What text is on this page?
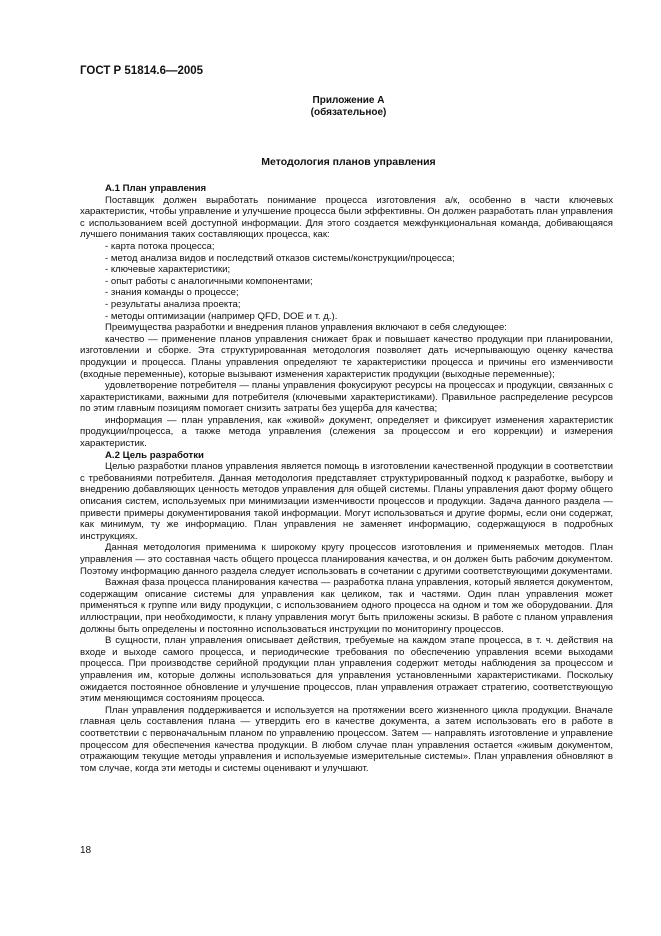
ГОСТ Р 51814.6—2005
Приложение А
(обязательное)
Методология планов управления
А.1 План управления

Поставщик должен выработать понимание процесса изготовления а/к, особенно в части ключевых характеристик, чтобы управление и улучшение процесса были эффективны. Он должен разработать план управления с использованием всей доступной информации. Для этого создается межфункциональная команда, добивающаяся лучшего понимания таких составляющих процесса, как:

- карта потока процесса;

- метод анализа видов и последствий отказов системы/конструкции/процесса;

- ключевые характеристики;

- опыт работы с аналогичными компонентами;

- знания команды о процессе;

- результаты анализа проекта;

- методы оптимизации (например QFD, DOE и т. д.).

Преимущества разработки и внедрения планов управления включают в себя следующее:

качество — применение планов управления снижает брак и повышает качество продукции при планировании, изготовлении и сборке. Эта структурированная методология позволяет дать исчерпывающую оценку качества продукции и процесса. Планы управления определяют те характеристики процесса и причины его изменчивости (входные переменные), которые вызывают изменения характеристик продукции (выходные переменные);

удовлетворение потребителя — планы управления фокусируют ресурсы на процессах и продукции, связанных с характеристиками, важными для потребителя (ключевыми характеристиками). Правильное распределение ресурсов по этим главным позициям помогает снизить затраты без ущерба для качества;

информация — план управления, как «живой» документ, определяет и фиксирует изменения характеристик продукции/процесса, а также метода управления (слежения за процессом и его коррекции) и измерения характеристик.

А.2 Цель разработки

Целью разработки планов управления является помощь в изготовлении качественной продукции в соответствии с требованиями потребителя. Данная методология представляет структурированный подход к разработке, выбору и внедрению добавляющих ценность методов управления для общей системы. Планы управления дают форму общего описания систем, используемых при минимизации изменчивости процессов и продукции. Задача данного раздела — привести примеры документирования такой информации. Могут использоваться и другие формы, если они содержат, как минимум, ту же информацию. План управления не заменяет информацию, содержащуюся в подробных инструкциях.

Данная методология применима к широкому кругу процессов изготовления и применяемых методов. План управления — это составная часть общего процесса планирования качества, и он должен быть рабочим документом. Поэтому информацию данного раздела следует использовать в сочетании с другими соответствующими документами.

Важная фаза процесса планирования качества — разработка плана управления, который является документом, содержащим описание системы для управления как целиком, так и частями. Один план управления может применяться к группе или виду продукции, с использованием одного процесса на одном и том же оборудовании. Для иллюстрации, при необходимости, к плану управления могут быть приложены эскизы. В работе с планом управления должны быть определены и постоянно использоваться инструкции по мониторингу процессов.

В сущности, план управления описывает действия, требуемые на каждом этапе процесса, в т. ч. действия на входе и выходе самого процесса, и периодические требования по обеспечению управления всеми выходами процесса. При производстве серийной продукции план управления содержит методы наблюдения за процессом и управления им, которые должны использоваться для управления установленными характеристиками. Поскольку ожидается постоянное обновление и улучшение процессов, план управления отражает стратегию, соответствующую этим меняющимся состояниям процесса.

План управления поддерживается и используется на протяжении всего жизненного цикла продукции. Вначале главная цель составления плана — утвердить его в качестве документа, а затем использовать его в работе в соответствии с первоначальным планом по управлению процессом. Затем — направлять изготовление и управление процессом для обеспечения качества продукции. В любом случае план управления остается «живым документом, отражающим текущие методы управления и используемые измерительные системы». План управления обновляют в том случае, когда эти методы и системы оценивают и улучшают.

18
